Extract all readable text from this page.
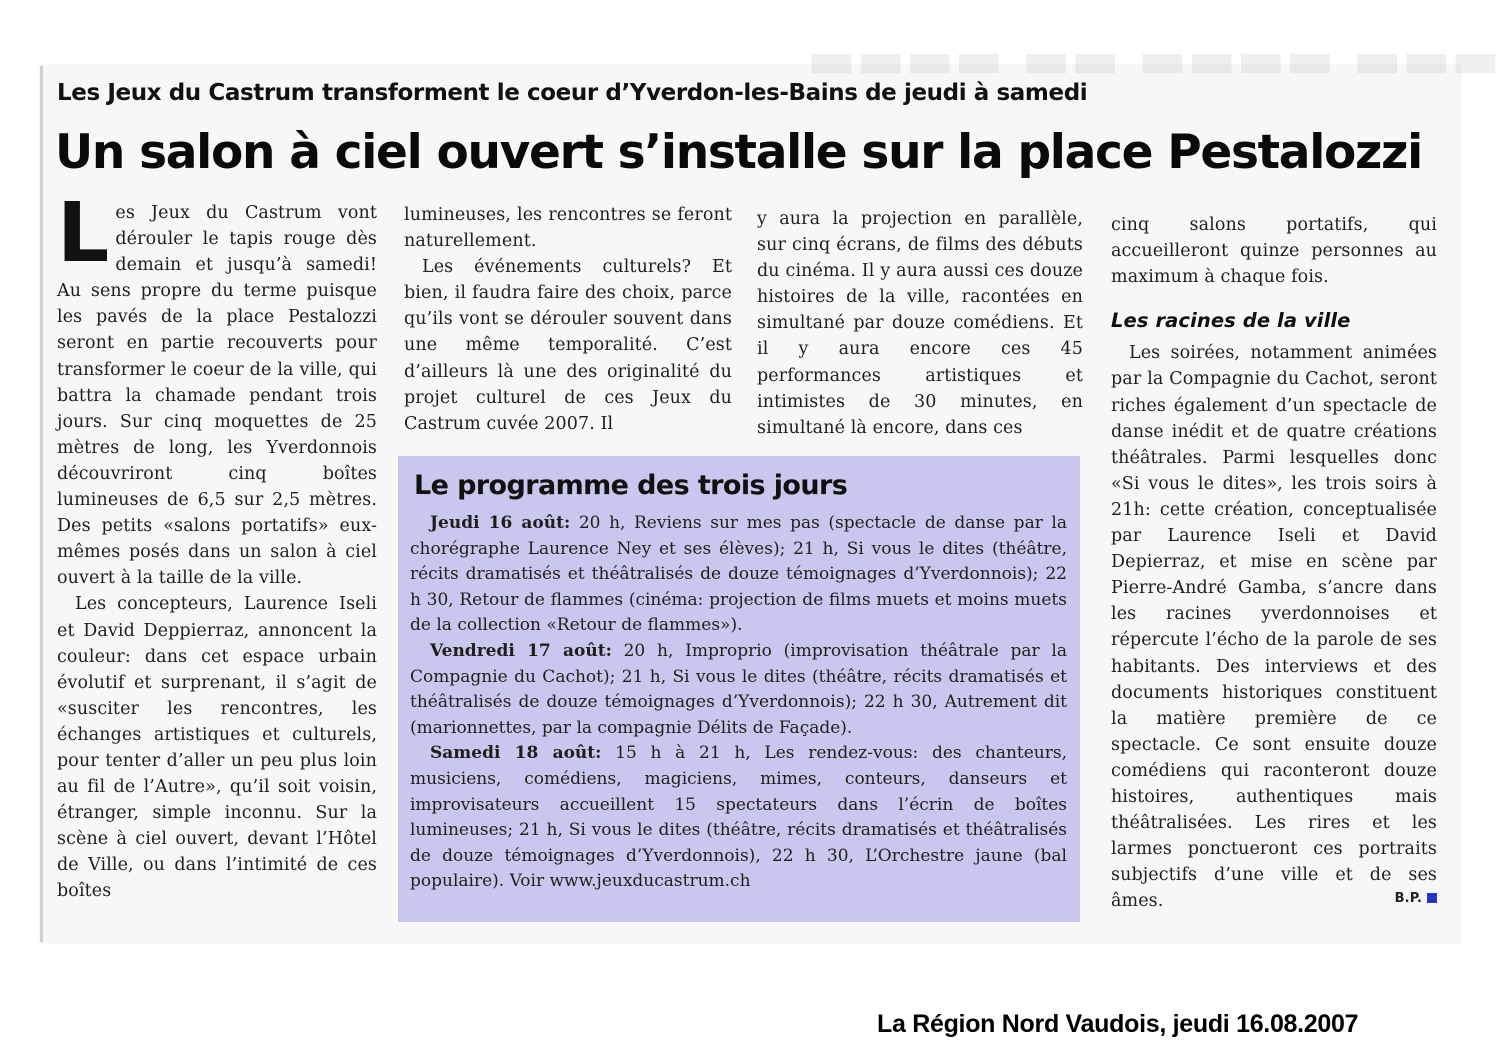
▬▬▬ ▬▬▬▬ ▬▬ ▬▬▬▬
Les Jeux du Castrum transforment le coeur d’Yverdon-les-Bains de jeudi à samedi
Un salon à ciel ouvert s’installe sur la place Pestalozzi

Les Jeux du Castrum vont dérouler le tapis rouge dès demain et jusqu’à samedi! Au sens propre du terme puisque les pavés de la place Pestalozzi seront en partie recouverts pour transformer le coeur de la ville, qui battra la chamade pendant trois jours. Sur cinq moquettes de 25 mètres de long, les Yverdonnois découvriront cinq boîtes lumineuses de 6,5 sur 2,5 mètres. Des petits «salons portatifs» eux-mêmes posés dans un salon à ciel ouvert à la taille de la ville.

Les concepteurs, Laurence Iseli et David Deppierraz, annoncent la couleur: dans cet espace urbain évolutif et surprenant, il s’agit de «susciter les rencontres, les échanges artistiques et culturels, pour tenter d’aller un peu plus loin au fil de l’Autre», qu’il soit voisin, étranger, simple inconnu. Sur la scène à ciel ouvert, devant l’Hôtel de Ville, ou dans l’intimité de ces boîtes

lumineuses, les rencontres se feront naturellement.

Les événements culturels? Et bien, il faudra faire des choix, parce qu’ils vont se dérouler souvent dans une même temporalité. C’est d’ailleurs là une des originalité du projet culturel de ces Jeux du Castrum cuvée 2007. Il

y aura la projection en parallèle, sur cinq écrans, de films des débuts du cinéma. Il y aura aussi ces douze histoires de la ville, racontées en simultané par douze comédiens. Et il y aura encore ces 45 performances artistiques et intimistes de 30 minutes, en simultané là encore, dans ces

cinq salons portatifs, qui accueilleront quinze personnes au maximum à chaque fois.

Les racines de la ville

Les soirées, notamment animées par la Compagnie du Cachot, seront riches également d’un spectacle de danse inédit et de quatre créations théâtrales. Parmi lesquelles donc «Si vous le dites», les trois soirs à 21h: cette création, conceptualisée par Laurence Iseli et David Depierraz, et mise en scène par Pierre-André Gamba, s’ancre dans les racines yverdonnoises et répercute l’écho de la parole de ses habitants. Des interviews et des documents historiques constituent la matière première de ce spectacle. Ce sont ensuite douze comédiens qui raconteront douze histoires, authentiques mais théâtralisées. Les rires et les larmes ponctueront ces portraits subjectifs d’une ville et de ses âmes.	B.P.
Le programme des trois jours

Jeudi 16 août: 20 h, Reviens sur mes pas (spectacle de danse par la chorégraphe Laurence Ney et ses élèves); 21 h, Si vous le dites (théâtre, récits dramatisés et théâtralisés de douze témoignages d’Yverdonnois); 22 h 30, Retour de flammes (cinéma: projection de films muets et moins muets de la collection «Retour de flammes»).

Vendredi 17 août: 20 h, Improprio (improvisation théâtrale par la Compagnie du Cachot); 21 h, Si vous le dites (théâtre, récits dramatisés et théâtralisés de douze témoignages d’Yverdonnois); 22 h 30, Autrement dit (marionnettes, par la compagnie Délits de Façade).

Samedi 18 août: 15 h à 21 h, Les rendez-vous: des chanteurs, musiciens, comédiens, magiciens, mimes, conteurs, danseurs et improvisateurs accueillent 15 spectateurs dans l’écrin de boîtes lumineuses; 21 h, Si vous le dites (théâtre, récits dramatisés et théâtralisés de douze témoignages d’Yverdonnois), 22 h 30, L’Orchestre jaune (bal populaire). Voir www.jeuxducastrum.ch

La Région Nord Vaudois, jeudi 16.08.2007
